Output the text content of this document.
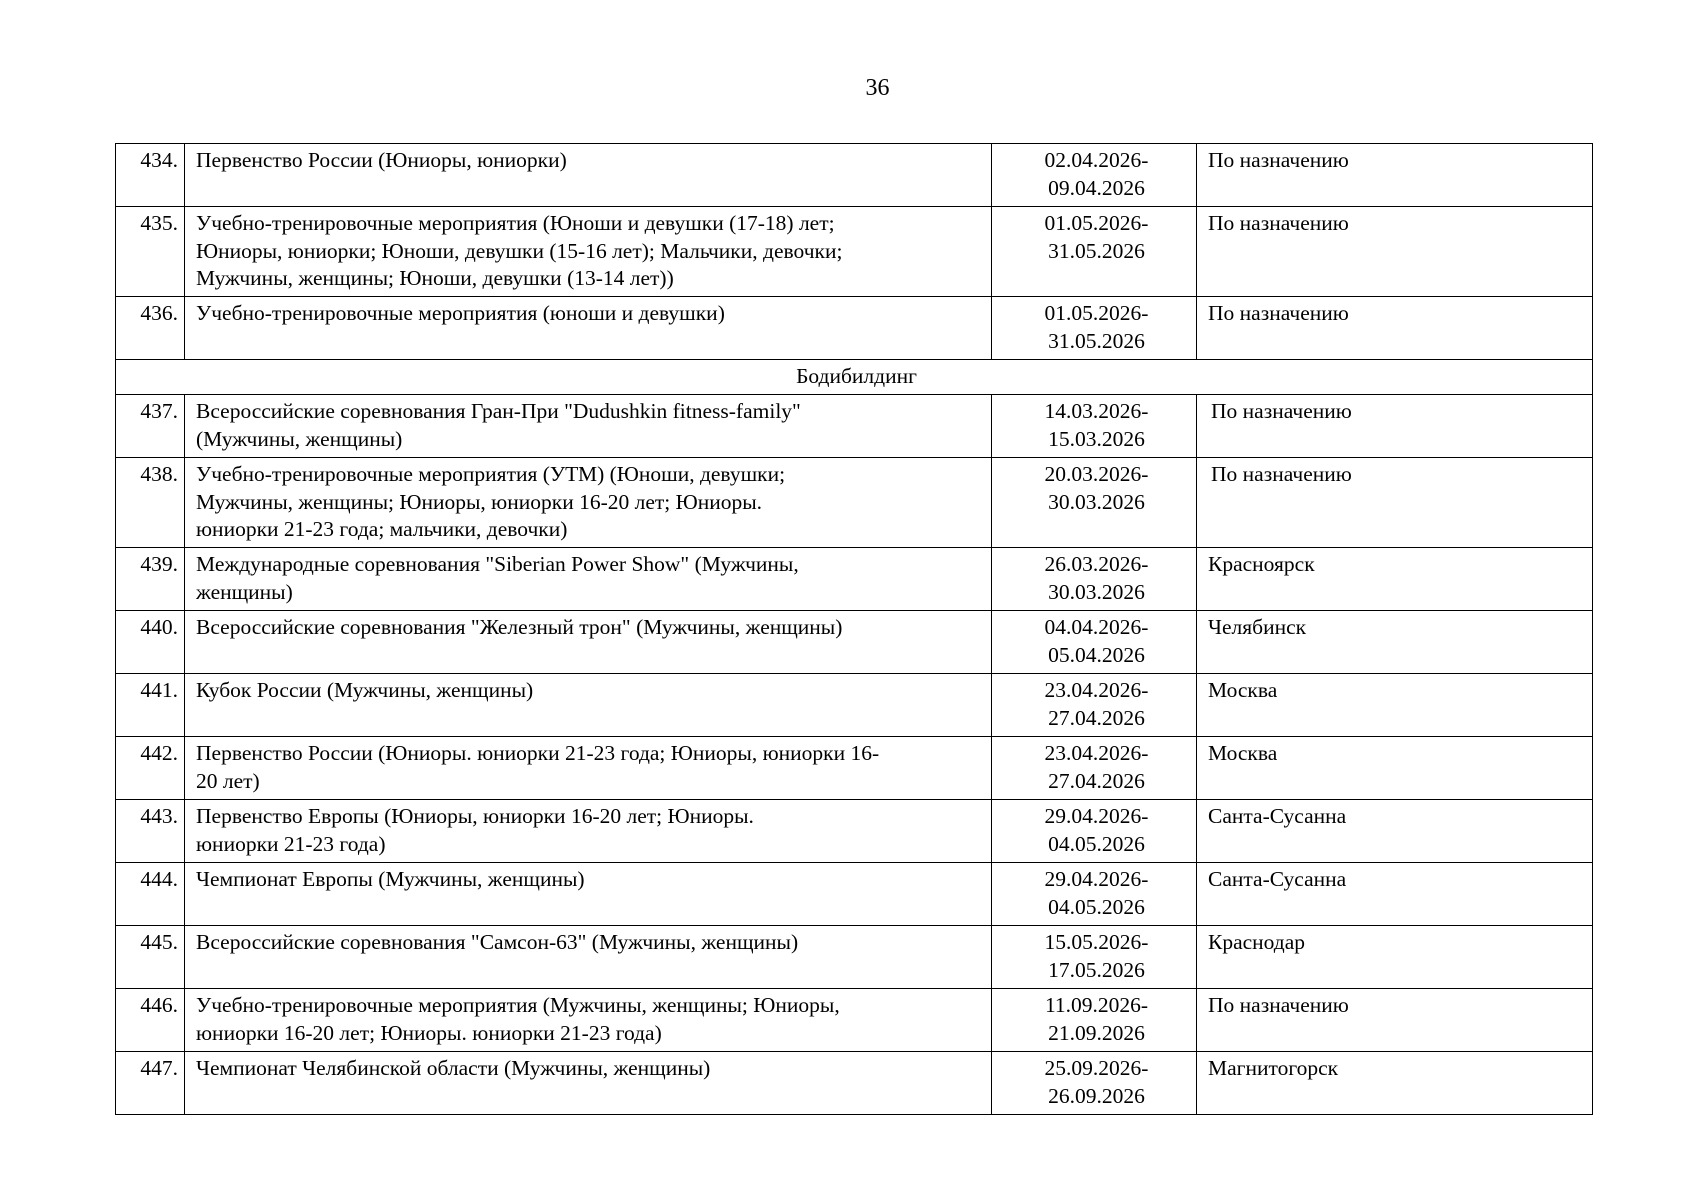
36
434.	Первенство России (Юниоры, юниорки)	02.04.2026-
09.04.2026	По назначению
435.	Учебно-тренировочные мероприятия (Юноши и девушки (17-18) лет;
Юниоры, юниорки; Юноши, девушки (15-16 лет); Мальчики, девочки;
Мужчины, женщины; Юноши, девушки (13-14 лет))	01.05.2026-
31.05.2026	По назначению
436.	Учебно-тренировочные мероприятия (юноши и девушки)	01.05.2026-
31.05.2026	По назначению
Бодибилдинг			
437.	Всероссийские соревнования Гран-При "Dudushkin fitness-family"
(Мужчины, женщины)	14.03.2026-
15.03.2026	По назначению
438.	Учебно-тренировочные мероприятия (УТМ) (Юноши, девушки;
Мужчины, женщины; Юниоры, юниорки 16-20 лет; Юниоры.
юниорки 21-23 года; мальчики, девочки)	20.03.2026-
30.03.2026	По назначению
439.	Международные соревнования "Siberian Power Show" (Мужчины,
женщины)	26.03.2026-
30.03.2026	Красноярск
440.	Всероссийские соревнования "Железный трон" (Мужчины, женщины)	04.04.2026-
05.04.2026	Челябинск
441.	Кубок России (Мужчины, женщины)	23.04.2026-
27.04.2026	Москва
442.	Первенство России (Юниоры. юниорки 21-23 года; Юниоры, юниорки 16-
20 лет)	23.04.2026-
27.04.2026	Москва
443.	Первенство Европы (Юниоры, юниорки 16-20 лет; Юниоры.
юниорки 21-23 года)	29.04.2026-
04.05.2026	Санта-Сусанна
444.	Чемпионат Европы (Мужчины, женщины)	29.04.2026-
04.05.2026	Санта-Сусанна
445.	Всероссийские соревнования "Самсон-63" (Мужчины, женщины)	15.05.2026-
17.05.2026	Краснодар
446.	Учебно-тренировочные мероприятия (Мужчины, женщины; Юниоры,
юниорки 16-20 лет; Юниоры. юниорки 21-23 года)	11.09.2026-
21.09.2026	По назначению
447.	Чемпионат Челябинской области (Мужчины, женщины)	25.09.2026-
26.09.2026	Магнитогорск
